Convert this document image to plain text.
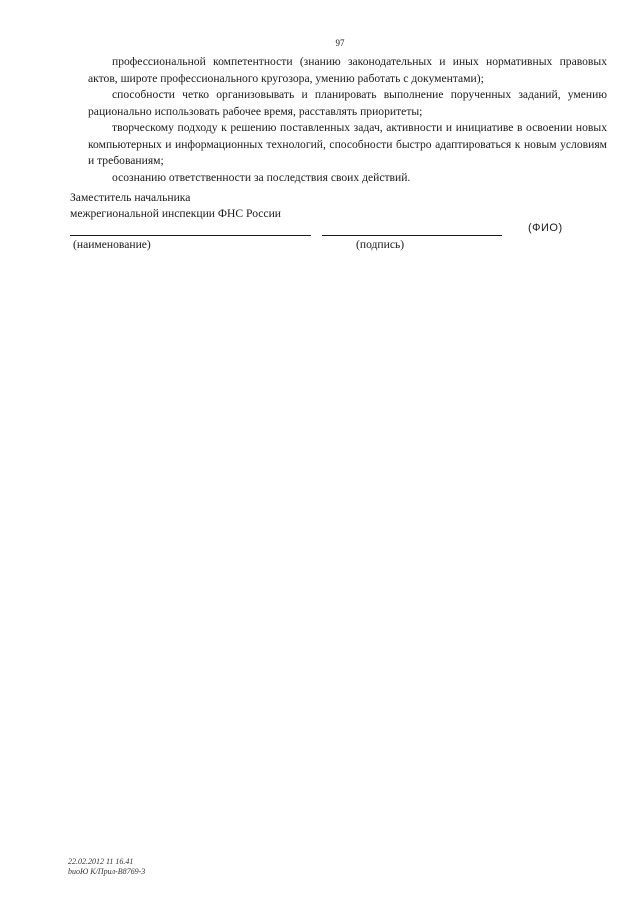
97

профессиональной компетентности (знанию законодательных и иных нормативных правовых актов, широте профессионального кругозора, умению работать с документами);

способности четко организовывать и планировать выполнение порученных заданий, умению рационально использовать рабочее время, расставлять приоритеты;

творческому подходу к решению поставленных задач, активности и инициативе в освоении новых компьютерных и информационных технологий, способности быстро адаптироваться к новым условиям и требованиям;

осознанию ответственности за последствия своих действий.

Заместитель начальника
межрегиональной инспекции ФНС России
(ФИО)
(наименование)	(подпись)
22.02.2012 11 16.41
bиоЮ К/Прил-В8769-3
